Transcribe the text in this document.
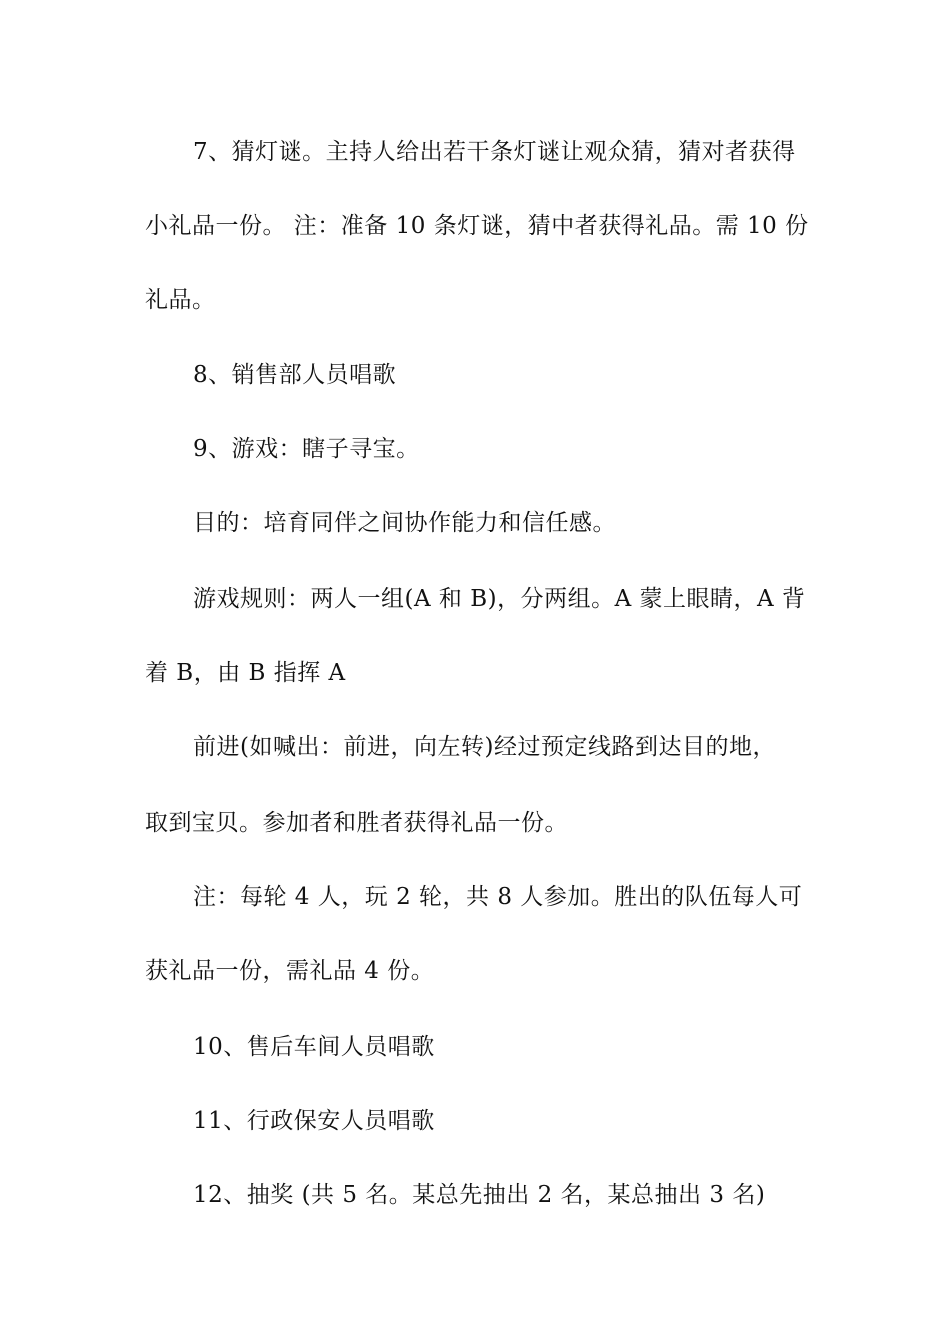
7、猜灯谜。主持人给出若干条灯谜让观众猜，猜对者获得
小礼品一份。 注：准备 10 条灯谜，猜中者获得礼品。需 10 份
礼品。
8、销售部人员唱歌
9、游戏：瞎子寻宝。
目的：培育同伴之间协作能力和信任感。
游戏规则：两人一组(A 和 B)，分两组。A 蒙上眼睛，A 背
着 B，由 B 指挥 A
前进(如喊出：前进，向左转)经过预定线路到达目的地，
取到宝贝。参加者和胜者获得礼品一份。
注：每轮 4 人，玩 2 轮，共 8 人参加。胜出的队伍每人可
获礼品一份，需礼品 4 份。
10、售后车间人员唱歌
11、行政保安人员唱歌
12、抽奖 (共 5 名。某总先抽出 2 名，某总抽出 3 名)
